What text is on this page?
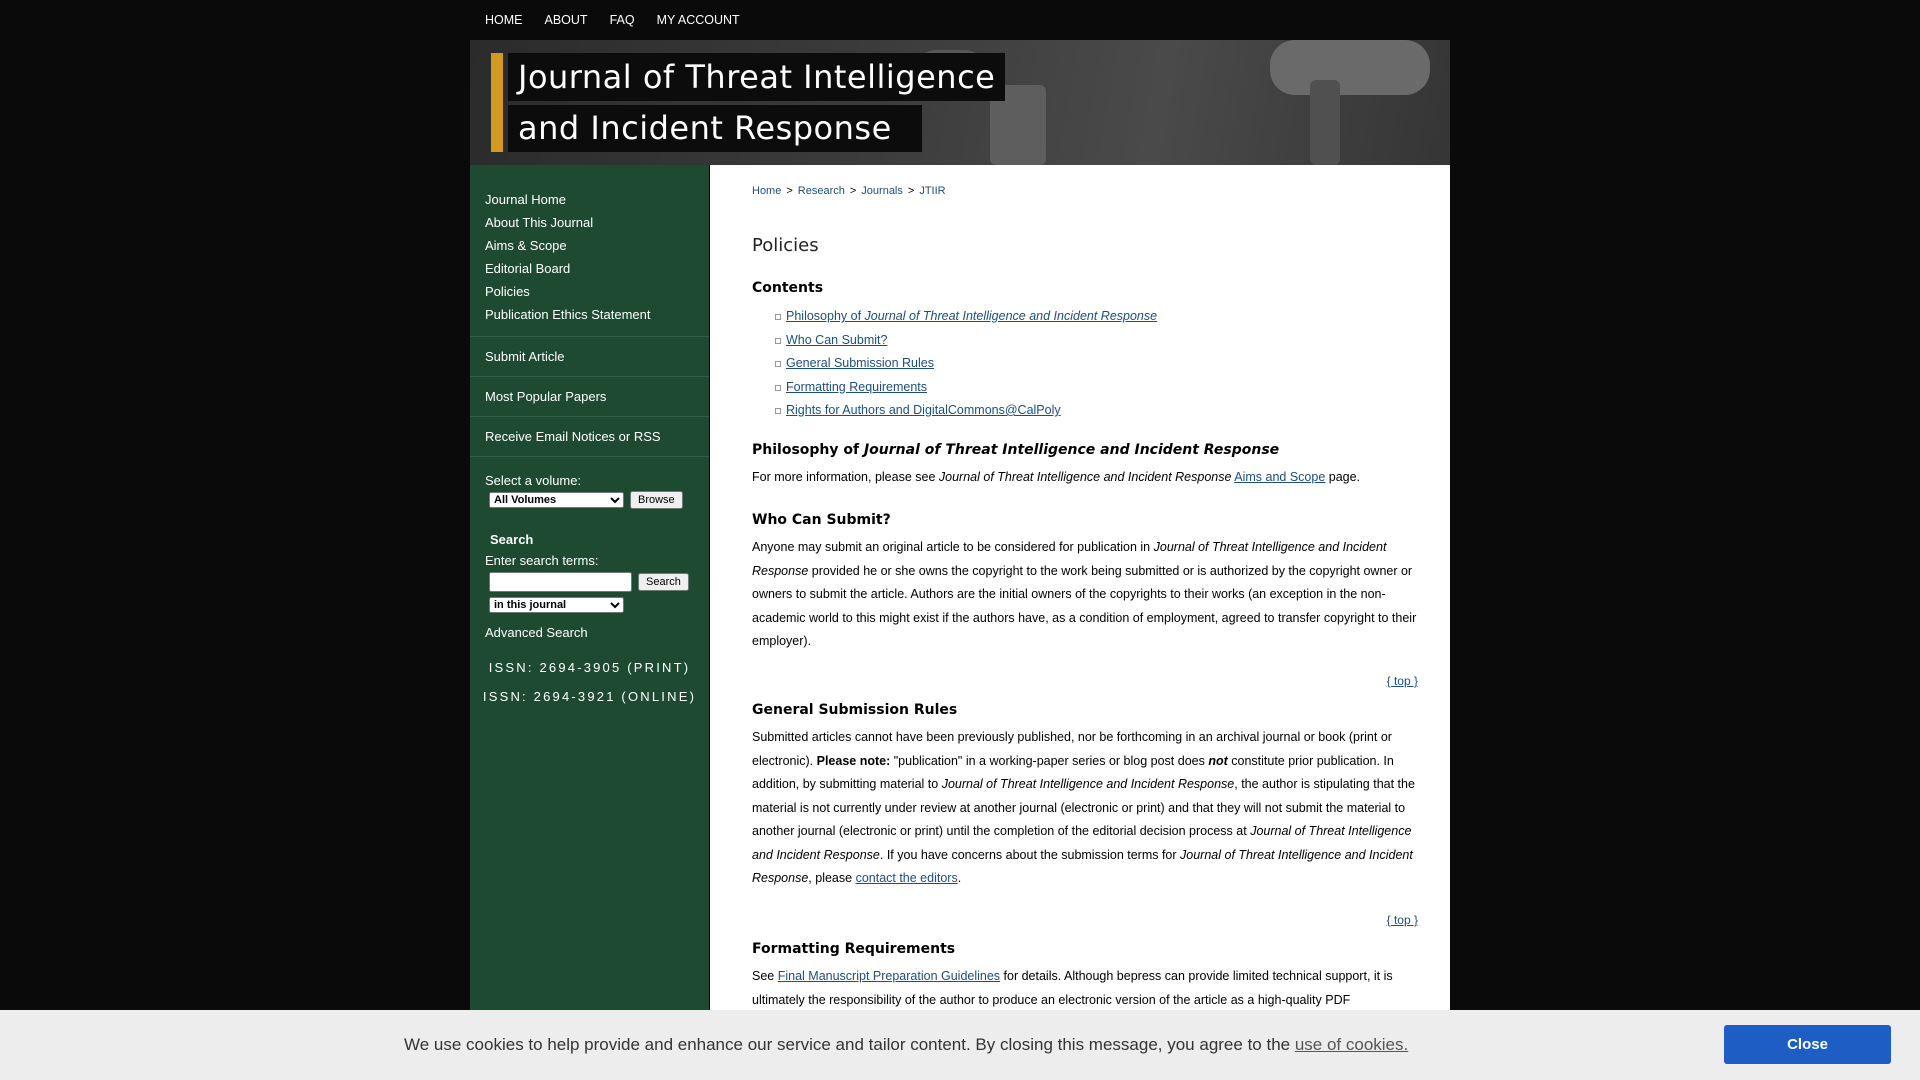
HOME	ABOUT	FAQ	MY ACCOUNT
Journal of Threat Intelligence
and Incident Response
Journal Home
About This Journal
Aims & Scope
Editorial Board
Policies
Publication Ethics Statement
Submit Article
Most Popular Papers
Receive Email Notices or RSS
Select a volume:
All Volumes
Browse
Search
Enter search terms:
Search
in this journal
Advanced Search
ISSN: 2694-3905 (PRINT)
ISSN: 2694-3921 (ONLINE)
Home > Research > Journals > JTIIR
Policies
Contents
Philosophy of Journal of Threat Intelligence and Incident Response
Who Can Submit?
General Submission Rules
Formatting Requirements
Rights for Authors and DigitalCommons@CalPoly
Philosophy of Journal of Threat Intelligence and Incident Response
For more information, please see Journal of Threat Intelligence and Incident Response Aims and Scope page.
Who Can Submit?
Anyone may submit an original article to be considered for publication in Journal of Threat Intelligence and Incident Response provided he or she owns the copyright to the work being submitted or is authorized by the copyright owner or owners to submit the article. Authors are the initial owners of the copyrights to their works (an exception in the non-academic world to this might exist if the authors have, as a condition of employment, agreed to transfer copyright to their employer).
{ top }
General Submission Rules
Submitted articles cannot have been previously published, nor be forthcoming in an archival journal or book (print or electronic). Please note: "publication" in a working-paper series or blog post does not constitute prior publication. In addition, by submitting material to Journal of Threat Intelligence and Incident Response, the author is stipulating that the material is not currently under review at another journal (electronic or print) and that they will not submit the material to another journal (electronic or print) until the completion of the editorial decision process at Journal of Threat Intelligence and Incident Response. If you have concerns about the submission terms for Journal of Threat Intelligence and Incident Response, please contact the editors.
{ top }
Formatting Requirements
See Final Manuscript Preparation Guidelines for details. Although bepress can provide limited technical support, it is ultimately the responsibility of the author to produce an electronic version of the article as a high-quality PDF
We use cookies to help provide and enhance our service and tailor content. By closing this message, you agree to the use of cookies.	Close
